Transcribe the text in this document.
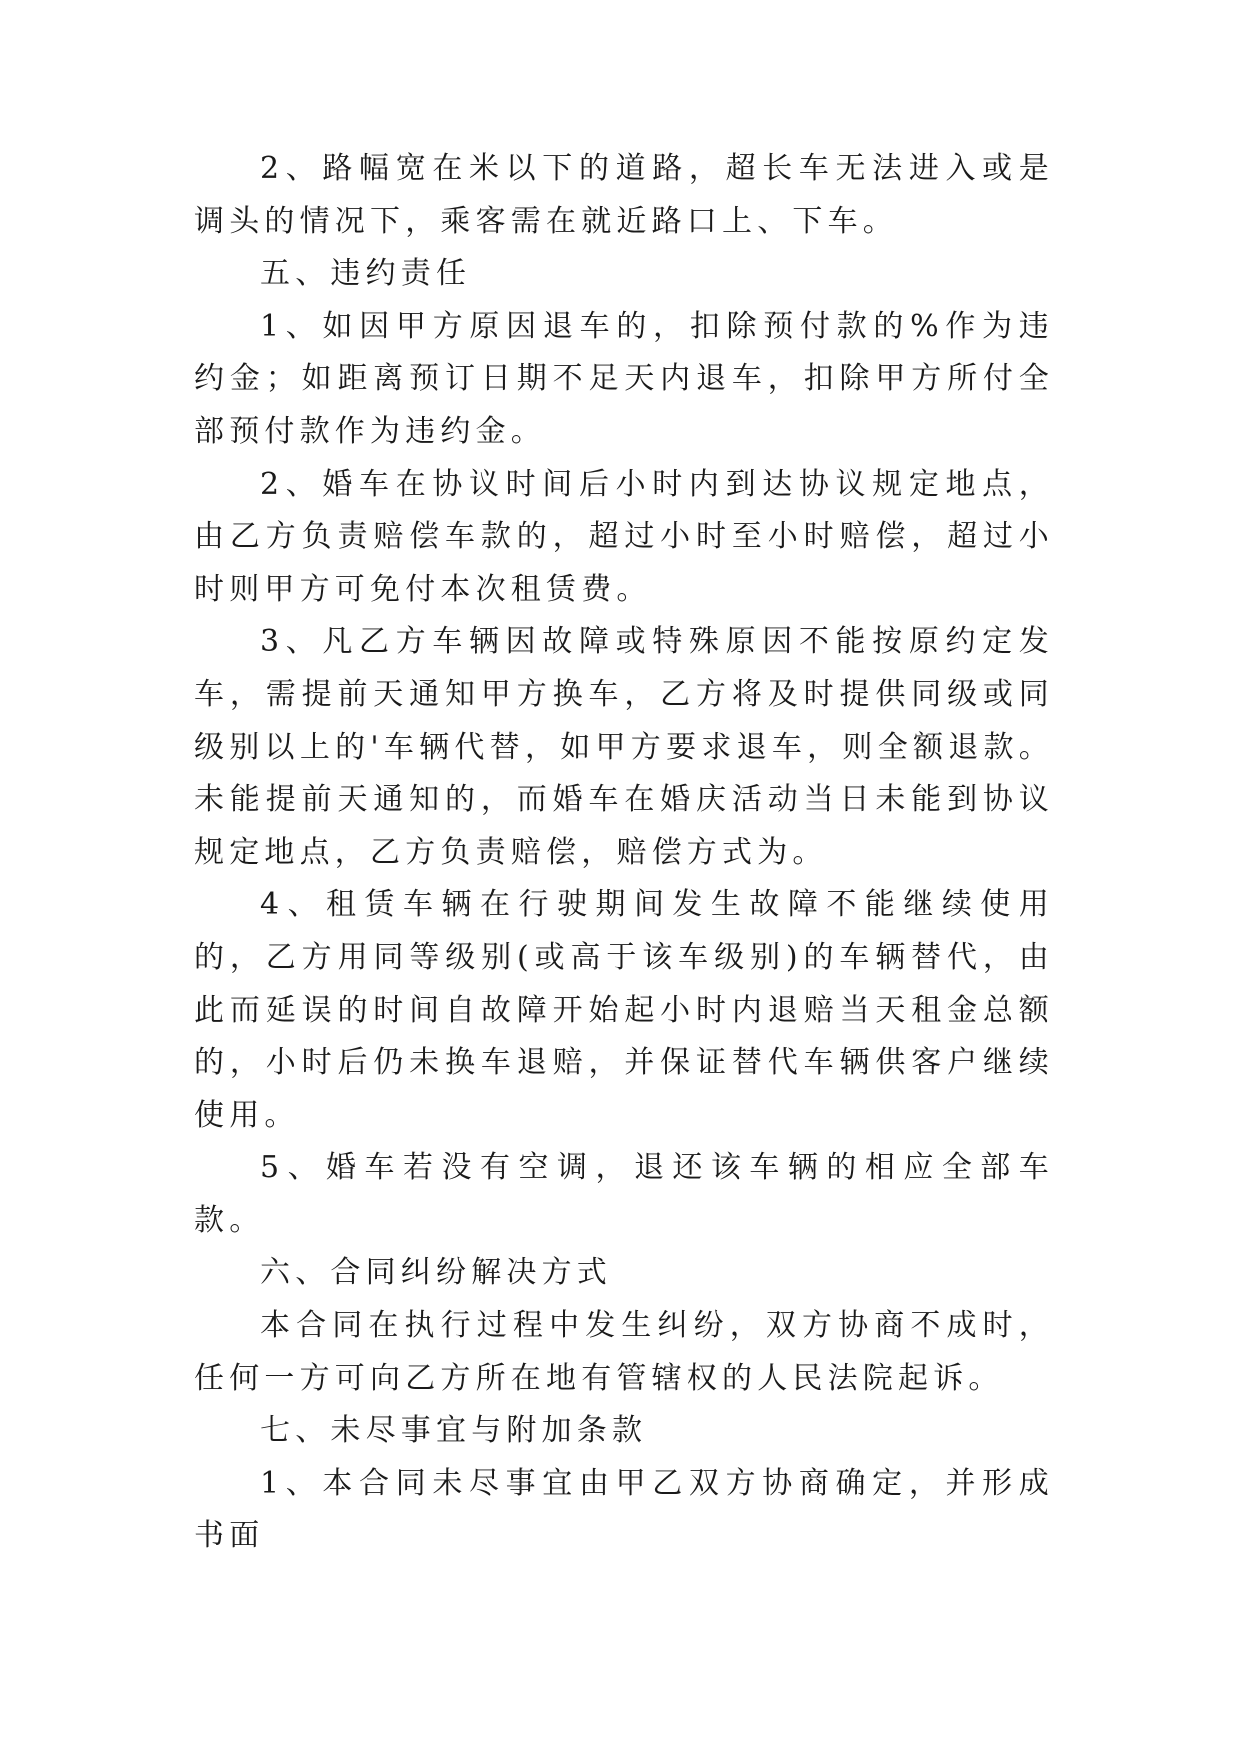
2、路幅宽在米以下的道路，超长车无法进入或是调头的情况下，乘客需在就近路口上、下车。

五、违约责任

1、如因甲方原因退车的，扣除预付款的%作为违约金；如距离预订日期不足天内退车，扣除甲方所付全部预付款作为违约金。

2、婚车在协议时间后小时内到达协议规定地点，由乙方负责赔偿车款的，超过小时至小时赔偿，超过小时则甲方可免付本次租赁费。

3、凡乙方车辆因故障或特殊原因不能按原约定发车，需提前天通知甲方换车，乙方将及时提供同级或同级别以上的'车辆代替，如甲方要求退车，则全额退款。未能提前天通知的，而婚车在婚庆活动当日未能到协议规定地点，乙方负责赔偿，赔偿方式为。

4、租赁车辆在行驶期间发生故障不能继续使用的，乙方用同等级别(或高于该车级别)的车辆替代，由此而延误的时间自故障开始起小时内退赔当天租金总额的，小时后仍未换车退赔，并保证替代车辆供客户继续使用。

5、婚车若没有空调，退还该车辆的相应全部车款。

六、合同纠纷解决方式

本合同在执行过程中发生纠纷，双方协商不成时，任何一方可向乙方所在地有管辖权的人民法院起诉。

七、未尽事宜与附加条款

1、本合同未尽事宜由甲乙双方协商确定，并形成书面
